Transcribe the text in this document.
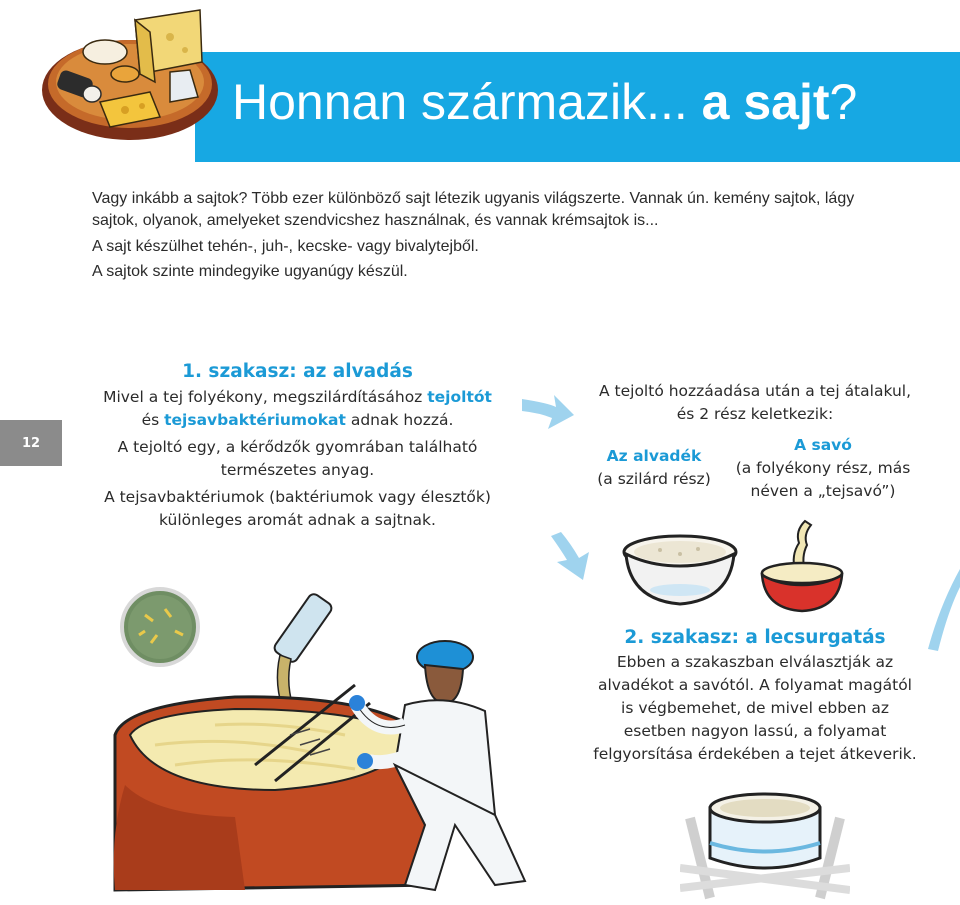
Honnan származik... a sajt?
Vagy inkább a sajtok? Több ezer különböző sajt létezik ugyanis világszerte. Vannak ún. kemény sajtok, lágy
sajtok, olyanok, amelyeket szendvicshez használnak, és vannak krémsajtok is...
A sajt készülhet tehén-, juh-, kecske- vagy bivalytejből.
A sajtok szinte mindegyike ugyanúgy készül.
12

1. szakasz: az alvadás

Mivel a tej folyékony, megszilárdításához tejoltót

és tejsavbaktériumokat adnak hozzá.

A tejoltó egy, a kérődzők gyomrában található

természetes anyag.

A tejsavbaktériumok (baktériumok vagy élesztők)

különleges aromát adnak a sajtnak.

A tejoltó hozzáadása után a tej átalakul,

és 2 rész keletkezik:

Az alvadék

(a szilárd rész)

A savó

(a folyékony rész, más

néven a „tejsavó”)

2. szakasz: a lecsurgatás

Ebben a szakaszban elválasztják az

alvadékot a savótól. A folyamat magától

is végbemehet, de mivel ebben az

esetben nagyon lassú, a folyamat

felgyorsítása érdekében a tejet átkeverik.
